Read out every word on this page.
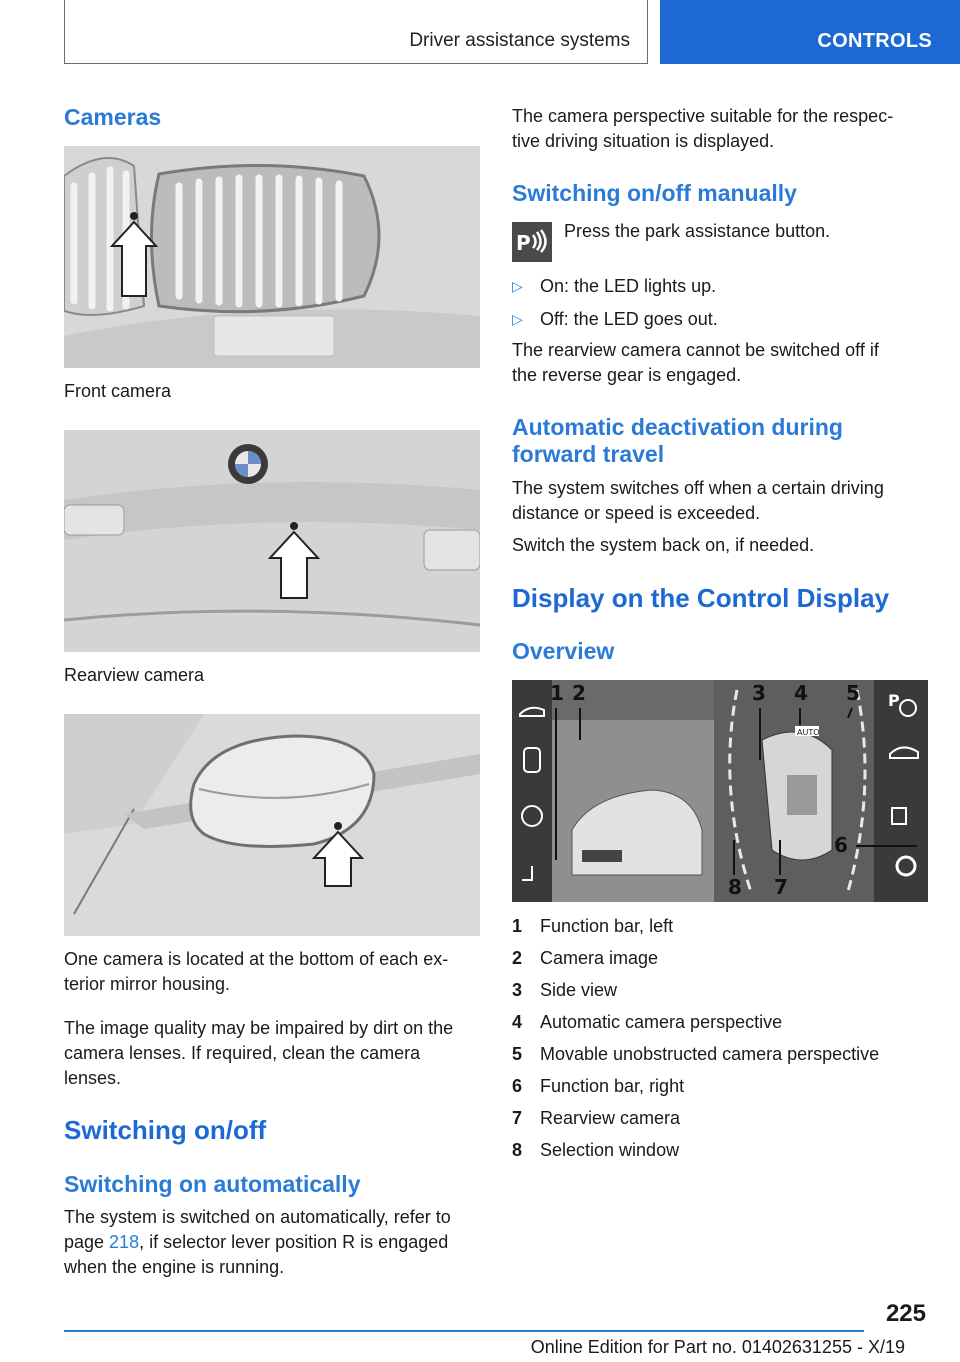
Driver assistance systems	CONTROLS
Cameras
Front camera
Rearview camera
One camera is located at the bottom of each ex-
terior mirror housing.
The image quality may be impaired by dirt on the
camera lenses. If required, clean the camera
lenses.
Switching on/off
Switching on automatically
The system is switched on automatically, refer to
page 218, if selector lever position R is engaged
when the engine is running.
The camera perspective suitable for the respec-
tive driving situation is displayed.
Switching on/off manually
P Press the park assistance button.
▷ On: the LED lights up.
▷ Off: the LED goes out.
The rearview camera cannot be switched off if
the reverse gear is engaged.
Automatic deactivation during
forward travel
The system switches off when a certain driving
distance or speed is exceeded.
Switch the system back on, if needed.
Display on the Control Display
Overview
AUTO
1 2	3 4 5
6
7
8
P
1 Function bar, left
2 Camera image
3 Side view
4 Automatic camera perspective
5 Movable unobstructed camera perspective
6 Function bar, right
7 Rearview camera
8 Selection window
225
Online Edition for Part no. 01402631255 - X/19
